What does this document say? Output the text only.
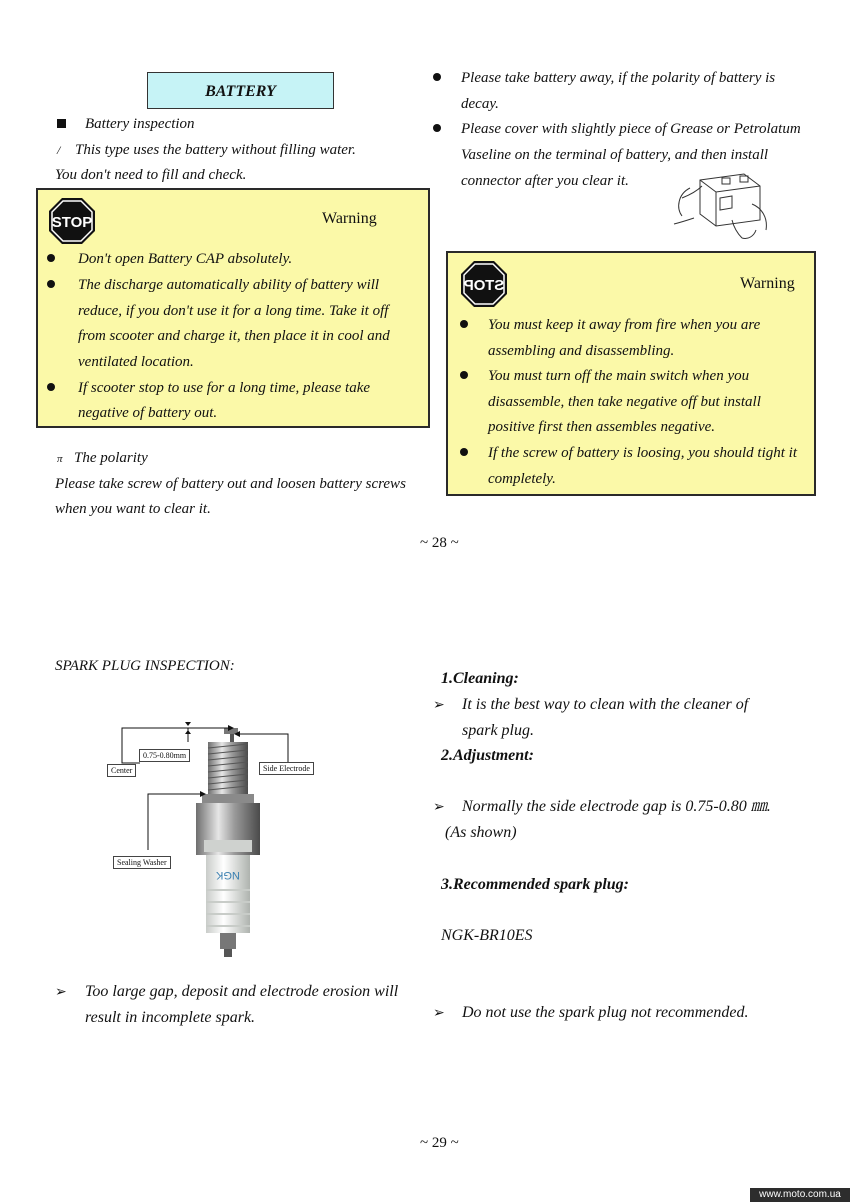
BATTERY
Battery inspection
/ This type uses the battery without filling water.
You don't need to fill and check.
STOP	Warning
Don't open Battery CAP absolutely.
The discharge automatically ability of battery will
reduce, if you don't use it for a long time. Take it off
from scooter and charge it, then place it in cool and
ventilated location.
If scooter stop to use for a long time, please take
negative of battery out.
π The polarity
Please take screw of battery out and loosen battery screws
when you want to clear it.
Please take battery away, if the polarity of battery is
decay.
Please cover with slightly piece of Grease or Petrolatum
Vaseline on the terminal of battery, and then install
connector after you clear it.
STOP	Warning
You must keep it away from fire when you are
assembling and disassembling.
You must turn off the main switch when you
disassemble, then take negative off but install
positive first then assembles negative.
If the screw of battery is loosing, you should tight it
completely.
~ 28 ~
SPARK PLUG INSPECTION:
NGK
0.75-0.80mm
Center	Side Electrode
Sealing Washer
➢ Too large gap, deposit and electrode erosion will
result in incomplete spark.
1.Cleaning:
➢ It is the best way to clean with the cleaner of
spark plug.
2.Adjustment:
➢ Normally the side electrode gap is 0.75-0.80 ㎜.
(As shown)
3.Recommended spark plug:
NGK-BR10ES
➢ Do not use the spark plug not recommended.
~ 29 ~
www.moto.com.ua
